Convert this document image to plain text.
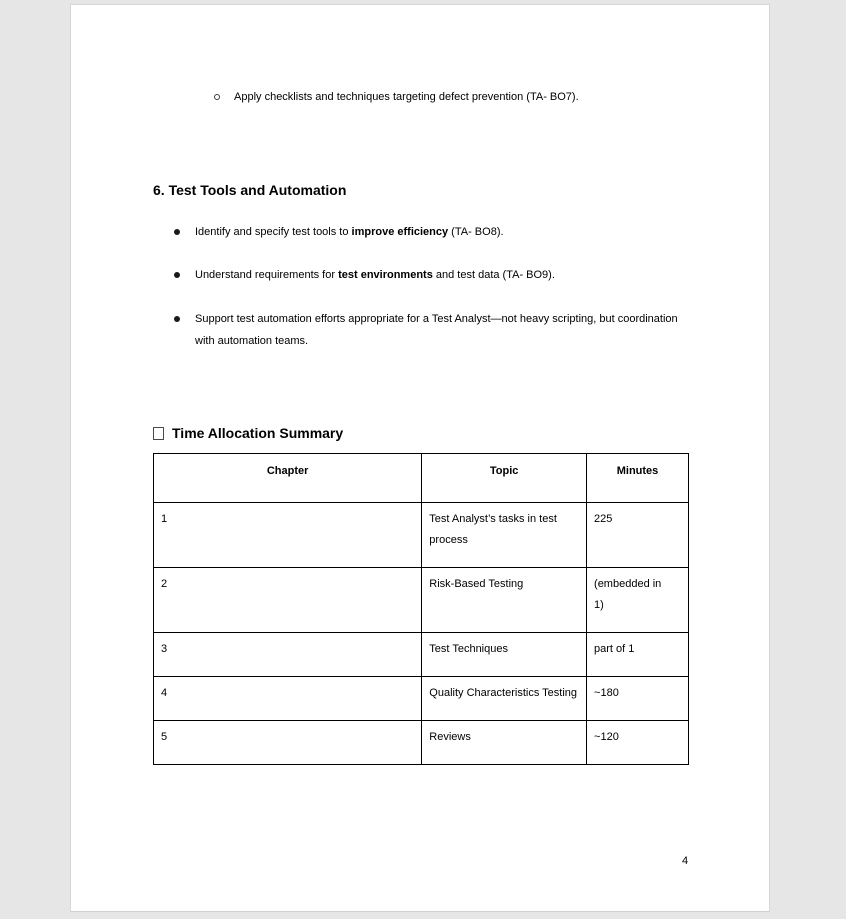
Apply checklists and techniques targeting defect prevention (TA- BO7).
6. Test Tools and Automation
Identify and specify test tools to improve efficiency (TA- BO8).
Understand requirements for test environments and test data (TA- BO9).
Support test automation efforts appropriate for a Test Analyst—not heavy scripting, but coordination with automation teams.
Time Allocation Summary
Chapter	Topic	Minutes
1	Test Analyst’s tasks in test process	225
2	Risk-Based Testing	(embedded in 1)
3	Test Techniques	part of 1
4	Quality Characteristics Testing	~180
5	Reviews	~120
4
